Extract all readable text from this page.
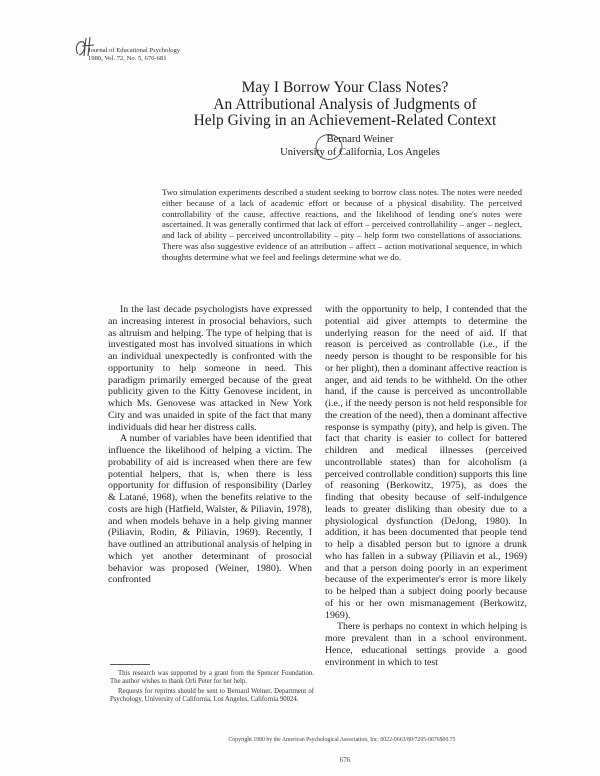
Journal of Educational Psychology
1980, Vol. 72, No. 5, 676-681
May I Borrow Your Class Notes?
An Attributional Analysis of Judgments of
Help Giving in an Achievement-Related Context
Bernard Weiner
University of California, Los Angeles
Two simulation experiments described a student seeking to borrow class notes. The notes were needed either because of a lack of academic effort or because of a physical disability. The perceived controllability of the cause, affective reactions, and the likelihood of lending one's notes were ascertained. It was generally confirmed that lack of effort – perceived controllability – anger – neglect, and lack of ability – perceived uncontrollability – pity – help form two constellations of associations. There was also suggestive evidence of an attribution – affect – action motivational sequence, in which thoughts determine what we feel and feelings determine what we do.

In the last decade psychologists have expressed an increasing interest in prosocial behaviors, such as altruism and helping. The type of helping that is investigated most has involved situations in which an individual unexpectedly is confronted with the opportunity to help someone in need. This paradigm primarily emerged because of the great publicity given to the Kitty Genovese incident, in which Ms. Genovese was attacked in New York City and was unaided in spite of the fact that many individuals did hear her distress calls.

A number of variables have been identified that influence the likelihood of helping a victim. The probability of aid is increased when there are few potential helpers, that is, when there is less opportunity for diffusion of responsibility (Darley & Latané, 1968), when the benefits relative to the costs are high (Hatfield, Walster, & Piliavin, 1978), and when models behave in a help giving manner (Piliavin, Rodin, & Piliavin, 1969). Recently, I have outlined an attributional analysis of helping in which yet another determinant of prosocial behavior was proposed (Weiner, 1980). When confronted

with the opportunity to help, I contended that the potential aid giver attempts to determine the underlying reason for the need of aid. If that reason is perceived as controllable (i.e., if the needy person is thought to be responsible for his or her plight), then a dominant affective reaction is anger, and aid tends to be withheld. On the other hand, if the cause is perceived as uncontrollable (i.e., if the needy person is not held responsible for the creation of the need), then a dominant affective response is sympathy (pity), and help is given. The fact that charity is easier to collect for battered children and medical illnesses (perceived uncontrollable states) than for alcoholism (a perceived controllable condition) supports this line of reasoning (Berkowitz, 1975), as does the finding that obesity because of self-indulgence leads to greater disliking than obesity due to a physiological dysfunction (DeJong, 1980). In addition, it has been documented that people tend to help a disabled person but to ignore a drunk who has fallen in a subway (Piliavin et al., 1969) and that a person doing poorly in an experiment because of the experimenter's error is more likely to be helped than a subject doing poorly because of his or her own mismanagement (Berkowitz, 1969).

There is perhaps no context in which helping is more prevalent than in a school environment. Hence, educational settings provide a good environment in which to test

This research was supported by a grant from the Spencer Foundation. The author wishes to thank Orli Peter for her help.

Requests for reprints should be sent to Bernard Weiner, Department of Psychology, University of California, Los Angeles, California 90024.

Copyright 1980 by the American Psychological Association, Inc. 0022-0663/80/7205-0676$00.75
676
